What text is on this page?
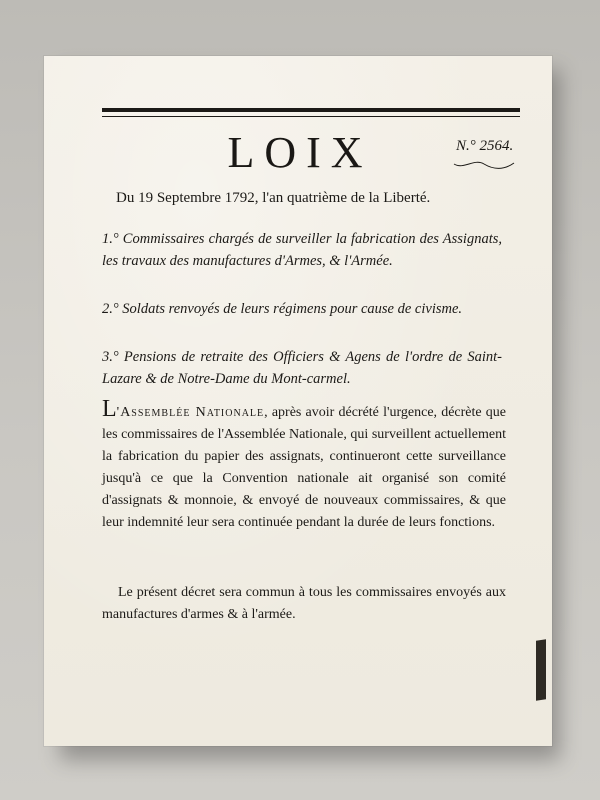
LOIX	N.° 2564.
Du 19 Septembre 1792, l'an quatrième de la Liberté.
1.° Commissaires chargés de surveiller la fabrication des Assignats, les travaux des manufactures d'Armes, & l'Armée.
2.° Soldats renvoyés de leurs régimens pour cause de civisme.
3.° Pensions de retraite des Officiers & Agens de l'ordre de Saint-Lazare & de Notre-Dame du Mont-carmel.
L'Assemblée Nationale, après avoir décrété l'urgence, décrète que les commissaires de l'Assemblée Nationale, qui surveillent actuellement la fabrication du papier des assignats, continueront cette surveillance jusqu'à ce que la Convention nationale ait organisé son comité d'assignats & monnoie, & envoyé de nouveaux commissaires, & que leur indemnité leur sera continuée pendant la durée de leurs fonctions.
Le présent décret sera commun à tous les commissaires envoyés aux manufactures d'armes & à l'armée.
